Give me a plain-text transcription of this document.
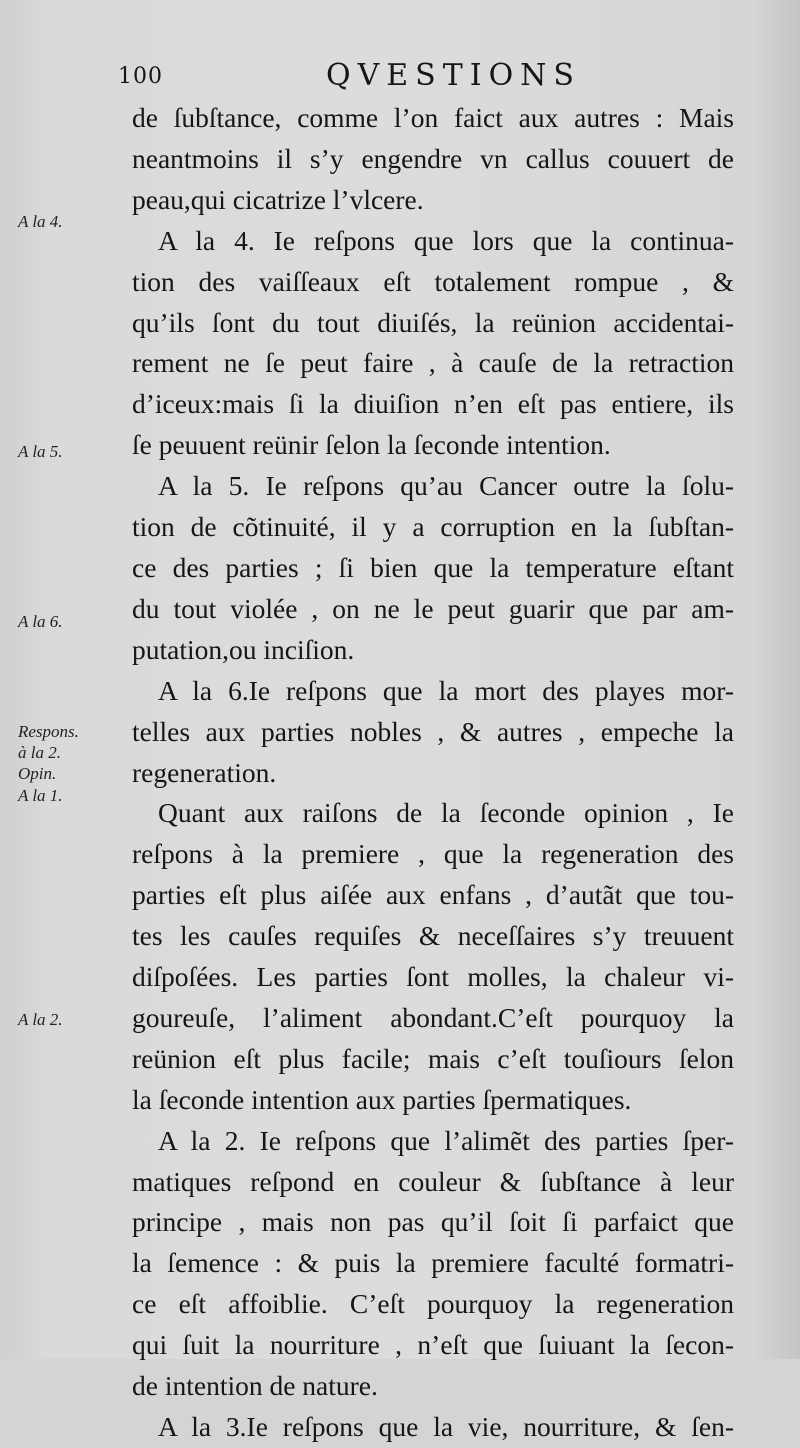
100	QVESTIONS
A la 4.
A la 5.
A la 6.
Respons.
à la 2.
Opin.
A la 1.
A la 2.
de ſubſtance, comme l’on faict aux autres : Mais
neantmoins il s’y engendre vn callus couuert de
peau,qui cicatrize l’vlcere.
A la 4. Ie reſpons que lors que la continua-
tion des vaiſſeaux eſt totalement rompue , &
qu’ils ſont du tout diuiſés, la reünion accidentai-
rement ne ſe peut faire , à cauſe de la retraction
d’iceux:mais ſi la diuiſion n’en eſt pas entiere, ils
ſe peuuent reünir ſelon la ſeconde intention.
A la 5. Ie reſpons qu’au Cancer outre la ſolu-
tion de cõtinuité, il y a corruption en la ſubſtan-
ce des parties ; ſi bien que la temperature eſtant
du tout violée , on ne le peut guarir que par am-
putation,ou inciſion.
A la 6.Ie reſpons que la mort des playes mor-
telles aux parties nobles , & autres , empeche la
regeneration.
Quant aux raiſons de la ſeconde opinion , Ie
reſpons à la premiere , que la regeneration des
parties eſt plus aiſée aux enfans , d’autãt que tou-
tes les cauſes requiſes & neceſſaires s’y treuuent
diſpoſées. Les parties ſont molles, la chaleur vi-
goureuſe, l’aliment abondant.C’eſt pourquoy la
reünion eſt plus facile; mais c’eſt touſiours ſelon
la ſeconde intention aux parties ſpermatiques.
A la 2. Ie reſpons que l’alimẽt des parties ſper-
matiques reſpond en couleur & ſubſtance à leur
principe , mais non pas qu’il ſoit ſi parfaict que
la ſemence : & puis la premiere faculté formatri-
ce eſt affoiblie. C’eſt pourquoy la regeneration
qui ſuit la nourriture , n’eſt que ſuiuant la ſecon-
de intention de nature.
A la 3.Ie reſpons que la vie, nourriture, & ſen-
